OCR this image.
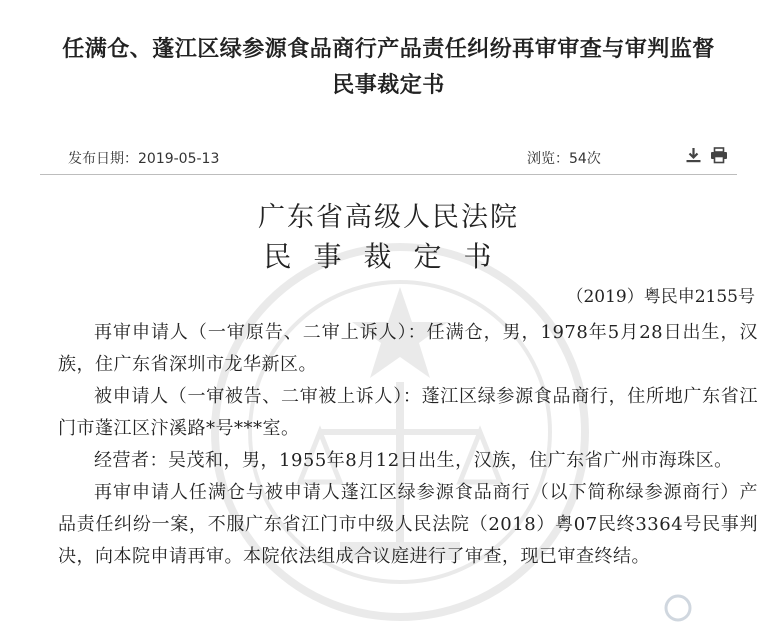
任满仓、蓬江区绿参源食品商行产品责任纠纷再审审查与审判监督
民事裁定书
发布日期：2019-05-13	浏览：54次
广东省高级人民法院
民事裁定书
（2019）粤民申2155号

再审申请人（一审原告、二审上诉人）：任满仓，男，1978年5月28日出生，汉族，住广东省深圳市龙华新区。

被申请人（一审被告、二审被上诉人）：蓬江区绿参源食品商行，住所地广东省江门市蓬江区汴溪路*号***室。

经营者：吴茂和，男，1955年8月12日出生，汉族，住广东省广州市海珠区。

再审申请人任满仓与被申请人蓬江区绿参源食品商行（以下简称绿参源商行）产品责任纠纷一案，不服广东省江门市中级人民法院（2018）粤07民终3364号民事判决，向本院申请再审。本院依法组成合议庭进行了审查，现已审查终结。
